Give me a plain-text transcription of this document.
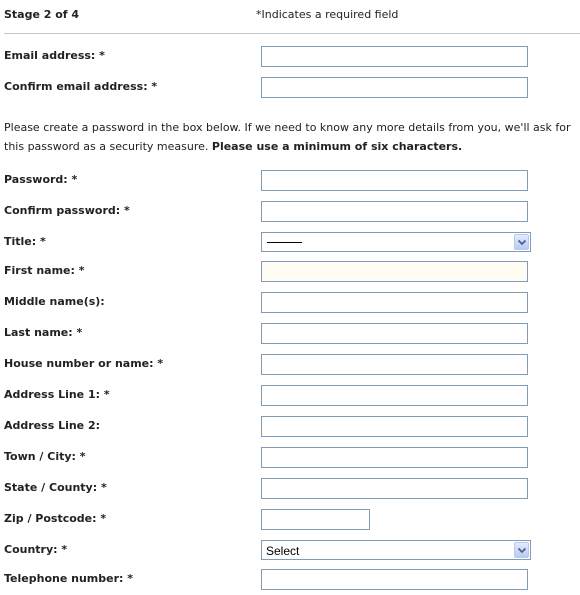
Stage 2 of 4	*Indicates a required field
Email address: *
Confirm email address: *
Please create a password in the box below. If we need to know any more details from you, we'll ask for this password as a security measure. Please use a minimum of six characters.
Password: *
Confirm password: *
Title: *
First name: *
Middle name(s):
Last name: *
House number or name: *
Address Line 1: *
Address Line 2:
Town / City: *
State / County: *
Zip / Postcode: *
Country: *	Select
Telephone number: *
